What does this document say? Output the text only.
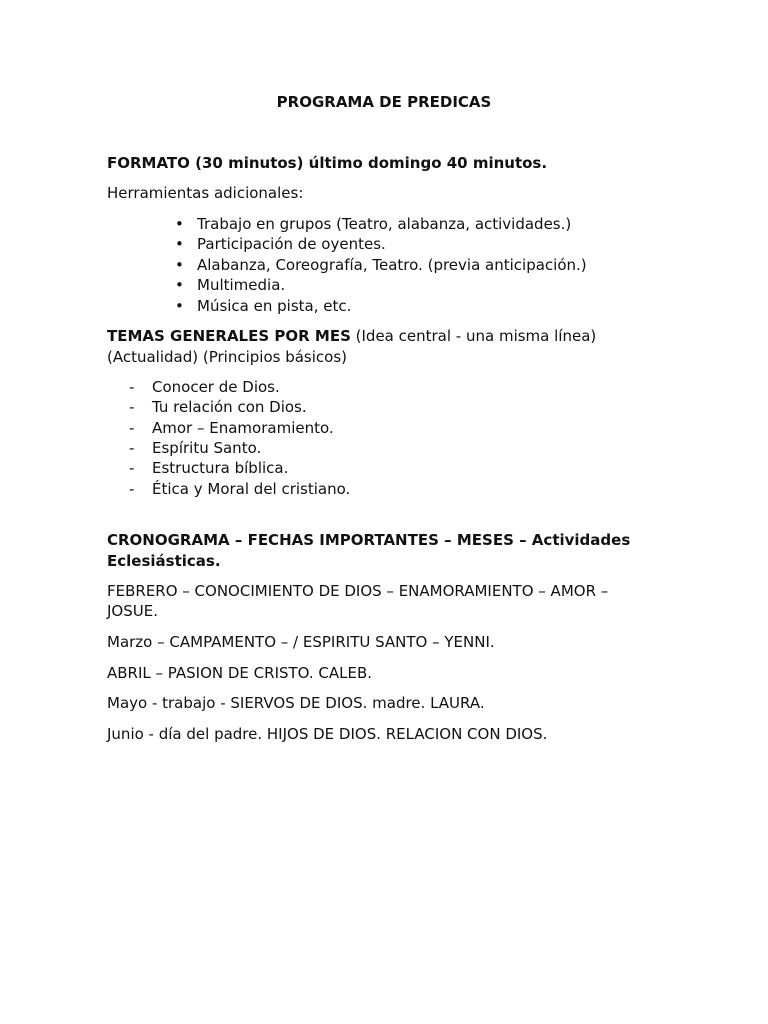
PROGRAMA DE PREDICAS
FORMATO (30 minutos) último domingo 40 minutos.
Herramientas adicionales:
• Trabajo en grupos (Teatro, alabanza, actividades.)
• Participación de oyentes.
• Alabanza, Coreografía, Teatro. (previa anticipación.)
• Multimedia.
• Música en pista, etc.
TEMAS GENERALES POR MES (Idea central - una misma línea)
(Actualidad) (Principios básicos)
- Conocer de Dios.
- Tu relación con Dios.
- Amor – Enamoramiento.
- Espíritu Santo.
- Estructura bíblica.
- Ética y Moral del cristiano.
CRONOGRAMA – FECHAS IMPORTANTES – MESES – Actividades
Eclesiásticas.
FEBRERO – CONOCIMIENTO DE DIOS – ENAMORAMIENTO – AMOR –
JOSUE.
Marzo – CAMPAMENTO – / ESPIRITU SANTO – YENNI.
ABRIL – PASION DE CRISTO. CALEB.
Mayo - trabajo - SIERVOS DE DIOS. madre. LAURA.
Junio - día del padre. HIJOS DE DIOS. RELACION CON DIOS.
